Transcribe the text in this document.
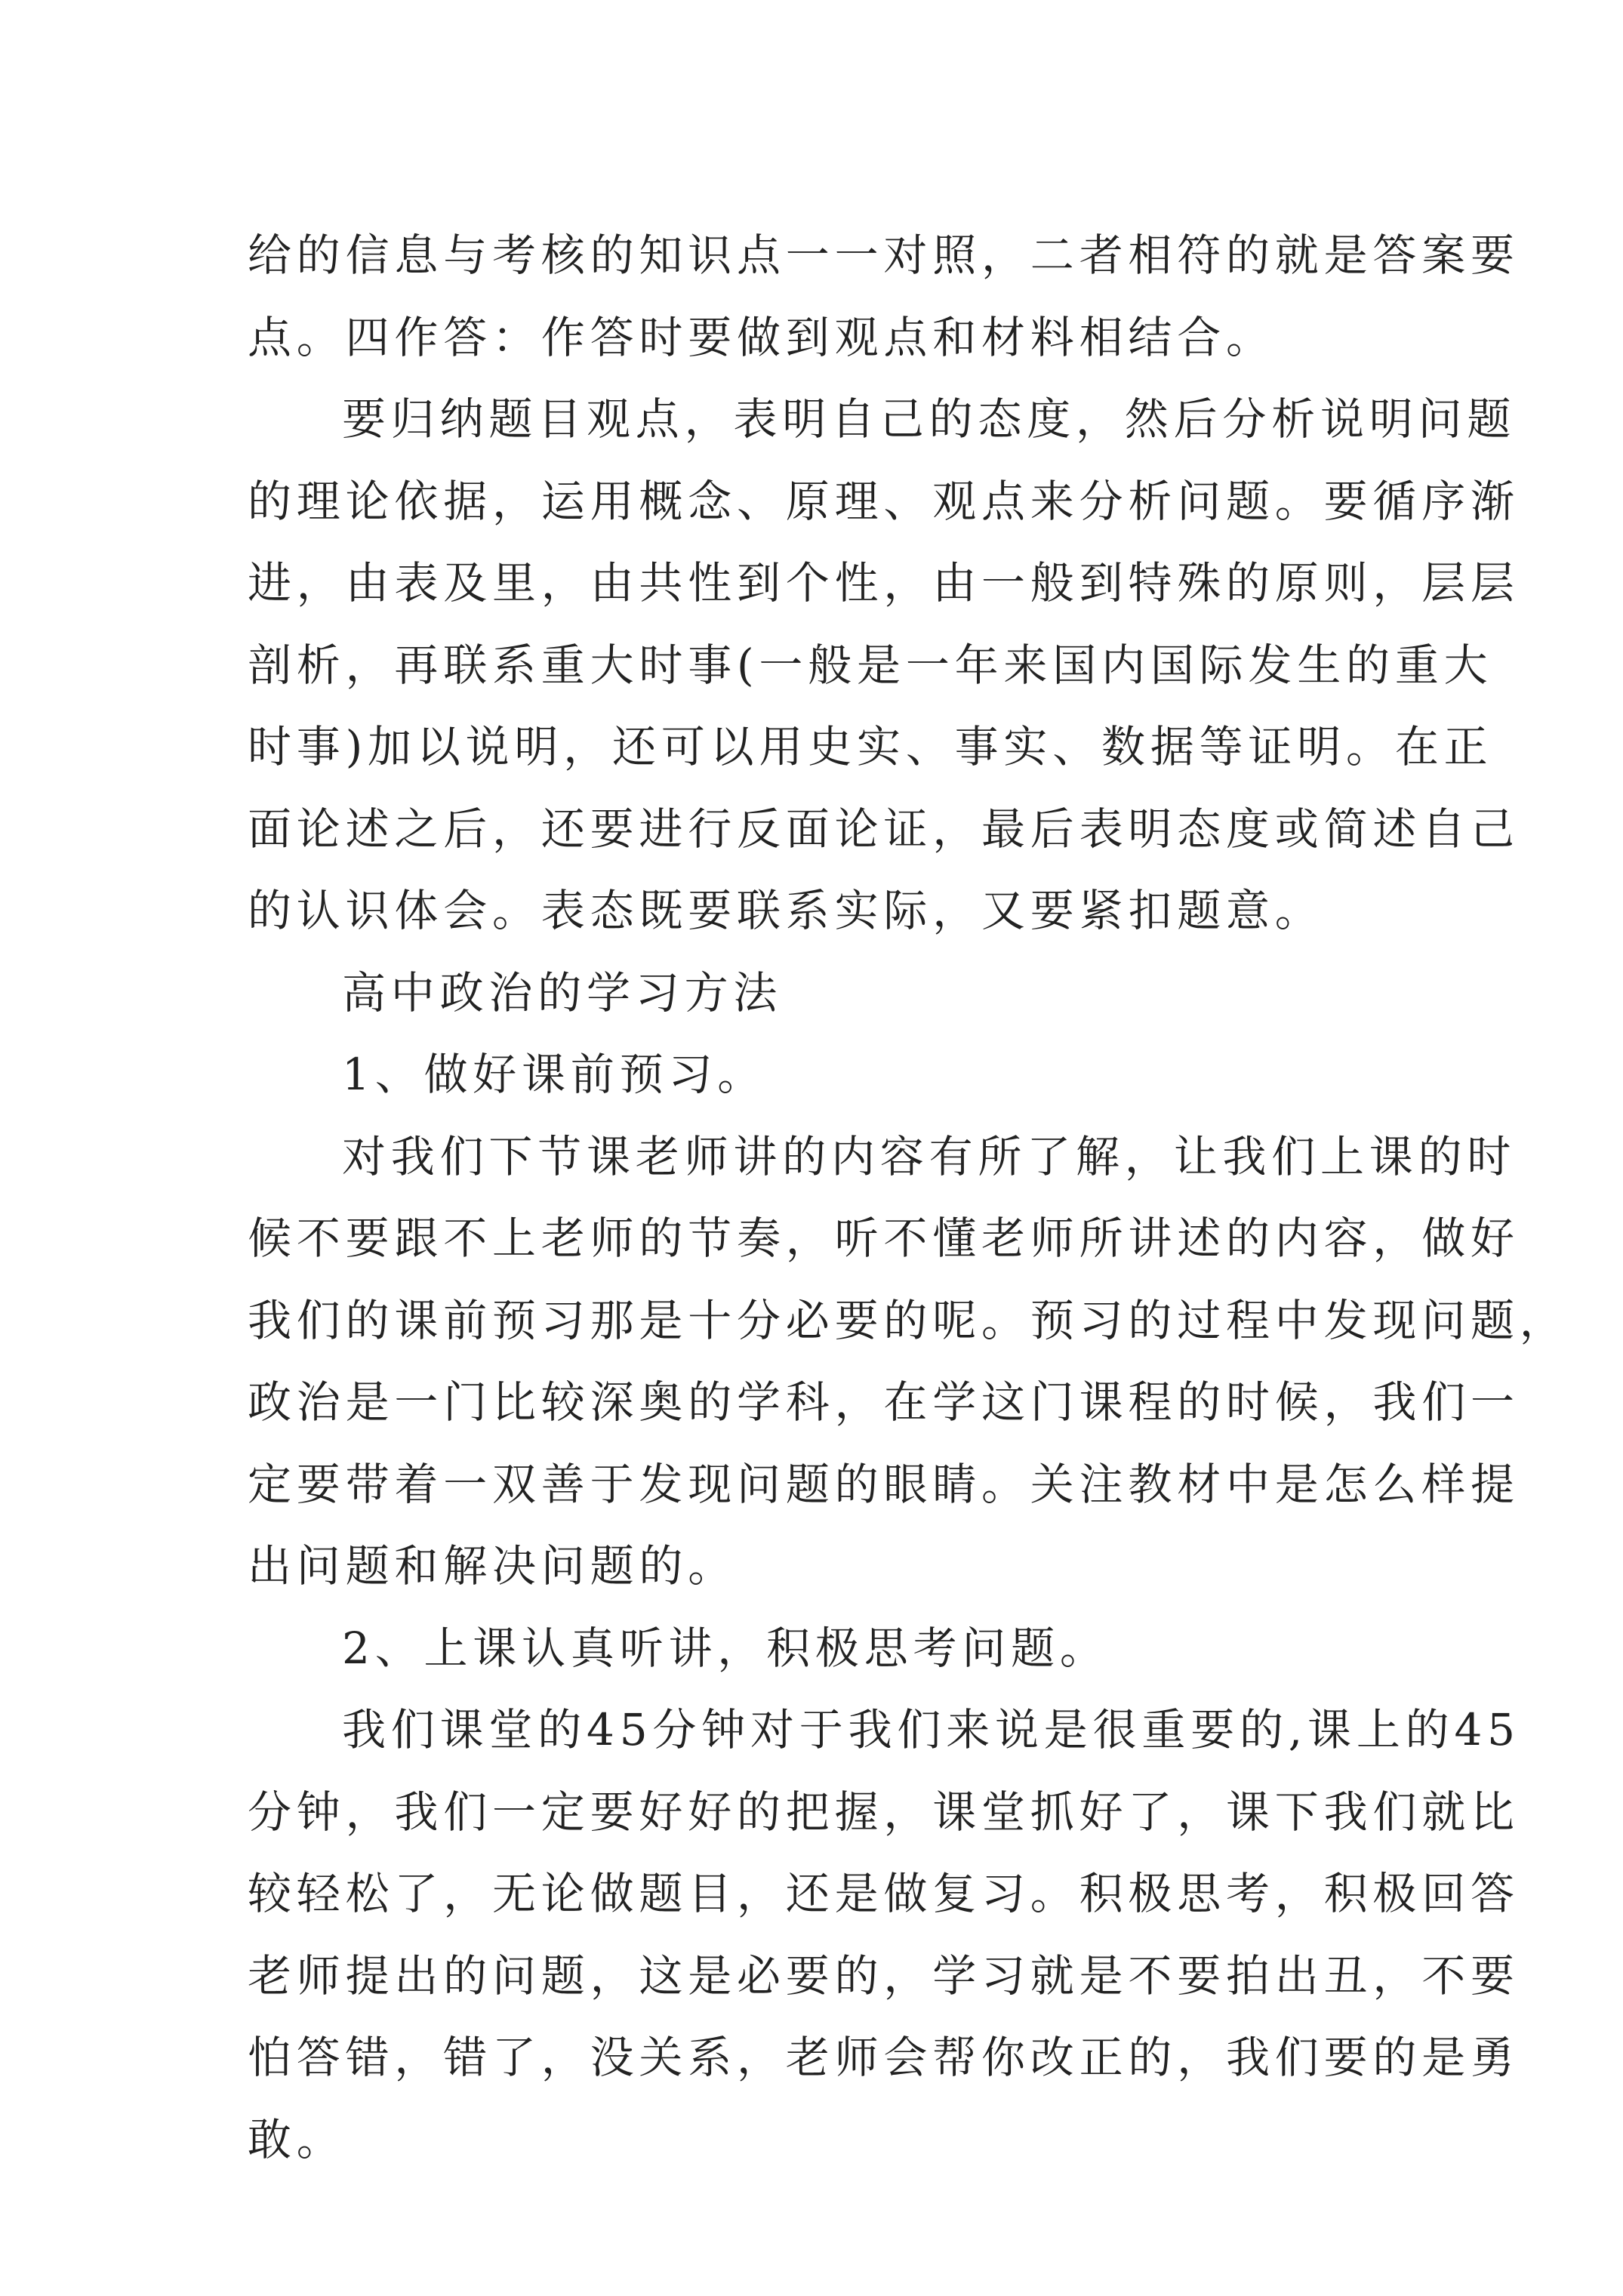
给的信息与考核的知识点一一对照，二者相符的就是答案要
点。四作答：作答时要做到观点和材料相结合。
要归纳题目观点，表明自己的态度，然后分析说明问题
的理论依据，运用概念、原理、观点来分析问题。要循序渐
进，由表及里，由共性到个性，由一般到特殊的原则，层层
剖析，再联系重大时事(一般是一年来国内国际发生的重大
时事)加以说明，还可以用史实、事实、数据等证明。在正
面论述之后，还要进行反面论证，最后表明态度或简述自己
的认识体会。表态既要联系实际，又要紧扣题意。
高中政治的学习方法
1、做好课前预习。
对我们下节课老师讲的内容有所了解，让我们上课的时
候不要跟不上老师的节奏，听不懂老师所讲述的内容，做好
我们的课前预习那是十分必要的呢。预习的过程中发现问题，
政治是一门比较深奥的学科，在学这门课程的时候，我们一
定要带着一双善于发现问题的眼睛。关注教材中是怎么样提
出问题和解决问题的。
2、上课认真听讲，积极思考问题。
我们课堂的45分钟对于我们来说是很重要的,课上的45
分钟，我们一定要好好的把握，课堂抓好了，课下我们就比
较轻松了，无论做题目，还是做复习。积极思考，积极回答
老师提出的问题，这是必要的，学习就是不要拍出丑，不要
怕答错，错了，没关系，老师会帮你改正的，我们要的是勇
敢。
